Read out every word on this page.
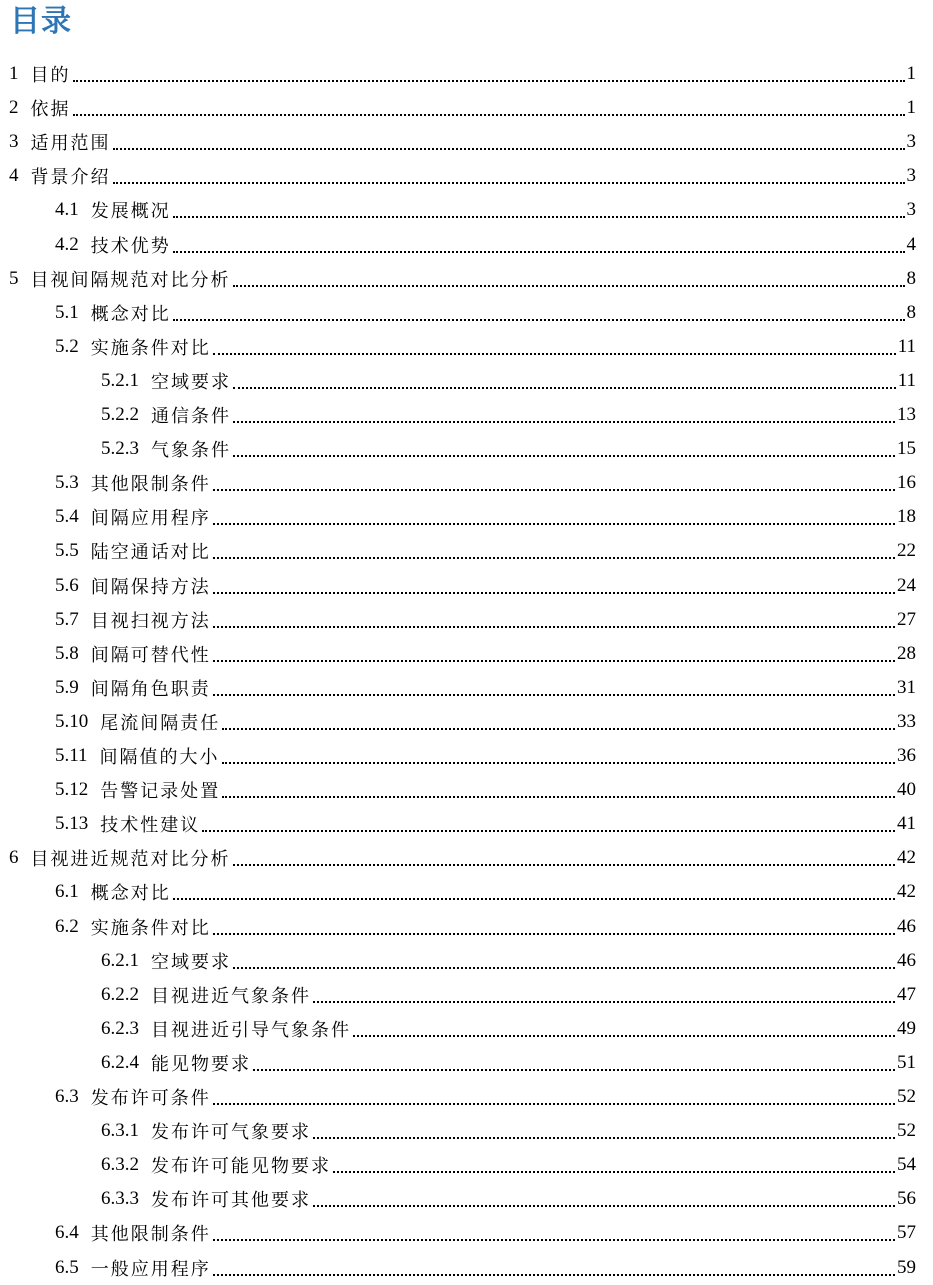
目录
1 目的	1
2 依据	1
3 适用范围	3
4 背景介绍	3
4.1 发展概况	3
4.2 技术优势	4
5 目视间隔规范对比分析	8
5.1 概念对比	8
5.2 实施条件对比	11
5.2.1 空域要求	11
5.2.2 通信条件	13
5.2.3 气象条件	15
5.3 其他限制条件	16
5.4 间隔应用程序	18
5.5 陆空通话对比	22
5.6 间隔保持方法	24
5.7 目视扫视方法	27
5.8 间隔可替代性	28
5.9 间隔角色职责	31
5.10 尾流间隔责任	33
5.11 间隔值的大小	36
5.12 告警记录处置	40
5.13 技术性建议	41
6 目视进近规范对比分析	42
6.1 概念对比	42
6.2 实施条件对比	46
6.2.1 空域要求	46
6.2.2 目视进近气象条件	47
6.2.3 目视进近引导气象条件	49
6.2.4 能见物要求	51
6.3 发布许可条件	52
6.3.1 发布许可气象要求	52
6.3.2 发布许可能见物要求	54
6.3.3 发布许可其他要求	56
6.4 其他限制条件	57
6.5 一般应用程序	59
